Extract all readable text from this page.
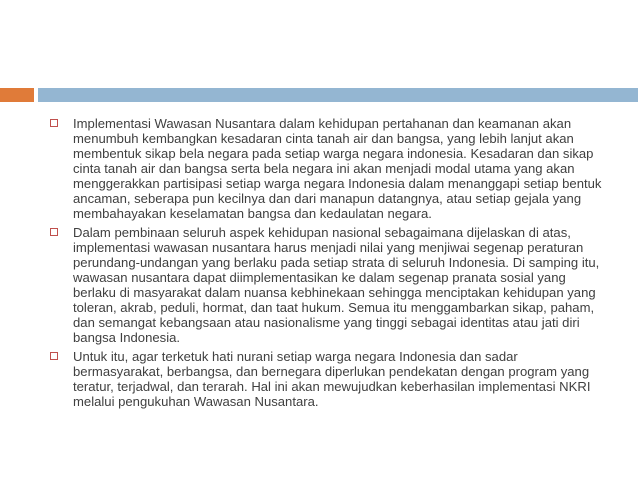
Implementasi Wawasan Nusantara dalam kehidupan pertahanan dan keamanan akan menumbuh kembangkan kesadaran cinta tanah air dan bangsa, yang lebih lanjut akan membentuk sikap bela negara pada setiap warga negara indonesia. Kesadaran dan sikap cinta tanah air dan bangsa serta bela negara ini akan menjadi modal utama yang akan menggerakkan partisipasi setiap warga negara Indonesia dalam menanggapi setiap bentuk ancaman, seberapa pun kecilnya dan dari manapun datangnya, atau setiap gejala yang membahayakan keselamatan bangsa dan kedaulatan negara.
Dalam pembinaan seluruh aspek kehidupan nasional sebagaimana dijelaskan di atas, implementasi wawasan nusantara harus menjadi nilai yang menjiwai segenap peraturan perundang-undangan yang berlaku pada setiap strata di seluruh Indonesia. Di samping itu, wawasan nusantara dapat diimplementasikan ke dalam segenap pranata sosial yang berlaku di masyarakat dalam nuansa kebhinekaan sehingga menciptakan kehidupan yang toleran, akrab, peduli, hormat, dan taat hukum. Semua itu menggambarkan sikap, paham, dan semangat kebangsaan atau nasionalisme yang tinggi sebagai identitas atau jati diri bangsa Indonesia.
Untuk itu, agar terketuk hati nurani setiap warga negara Indonesia dan sadar bermasyarakat, berbangsa, dan bernegara diperlukan pendekatan dengan program yang teratur, terjadwal, dan terarah. Hal ini akan mewujudkan keberhasilan implementasi NKRI melalui pengukuhan Wawasan Nusantara.
